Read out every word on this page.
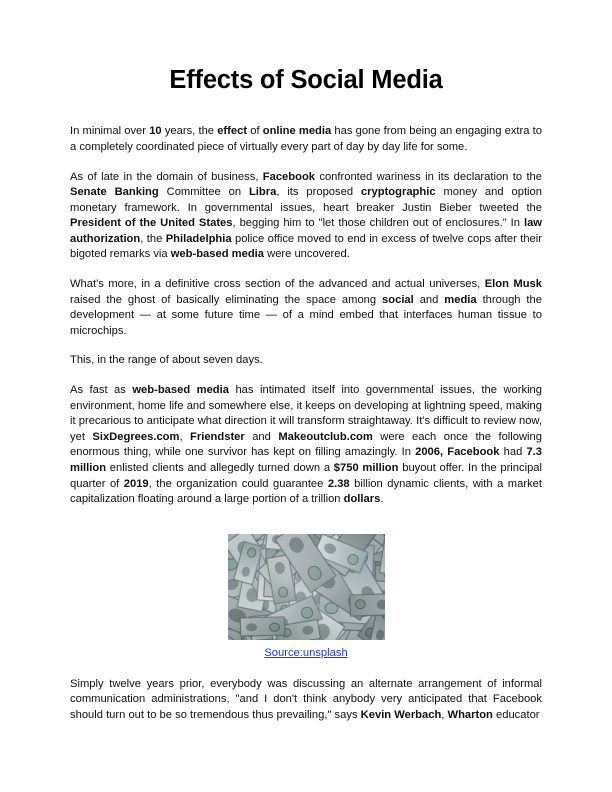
Effects of Social Media

In minimal over 10 years, the effect of online media has gone from being an engaging extra to a completely coordinated piece of virtually every part of day by day life for some.

As of late in the domain of business, Facebook confronted wariness in its declaration to the Senate Banking Committee on Libra, its proposed cryptographic money and option monetary framework. In governmental issues, heart breaker Justin Bieber tweeted the President of the United States, begging him to "let those children out of enclosures." In law authorization, the Philadelphia police office moved to end in excess of twelve cops after their bigoted remarks via web-based media were uncovered.

What's more, in a definitive cross section of the advanced and actual universes, Elon Musk raised the ghost of basically eliminating the space among social and media through the development — at some future time — of a mind embed that interfaces human tissue to microchips.

This, in the range of about seven days.

As fast as web-based media has intimated itself into governmental issues, the working environment, home life and somewhere else, it keeps on developing at lightning speed, making it precarious to anticipate what direction it will transform straightaway. It's difficult to review now, yet SixDegrees.com, Friendster and Makeoutclub.com were each once the following enormous thing, while one survivor has kept on filling amazingly. In 2006, Facebook had 7.3 million enlisted clients and allegedly turned down a $750 million buyout offer. In the principal quarter of 2019, the organization could guarantee 2.38 billion dynamic clients, with a market capitalization floating around a large portion of a trillion dollars.

Source:unsplash

Simply twelve years prior, everybody was discussing an alternate arrangement of informal communication administrations, "and I don't think anybody very anticipated that Facebook should turn out to be so tremendous thus prevailing," says Kevin Werbach, Wharton educator
